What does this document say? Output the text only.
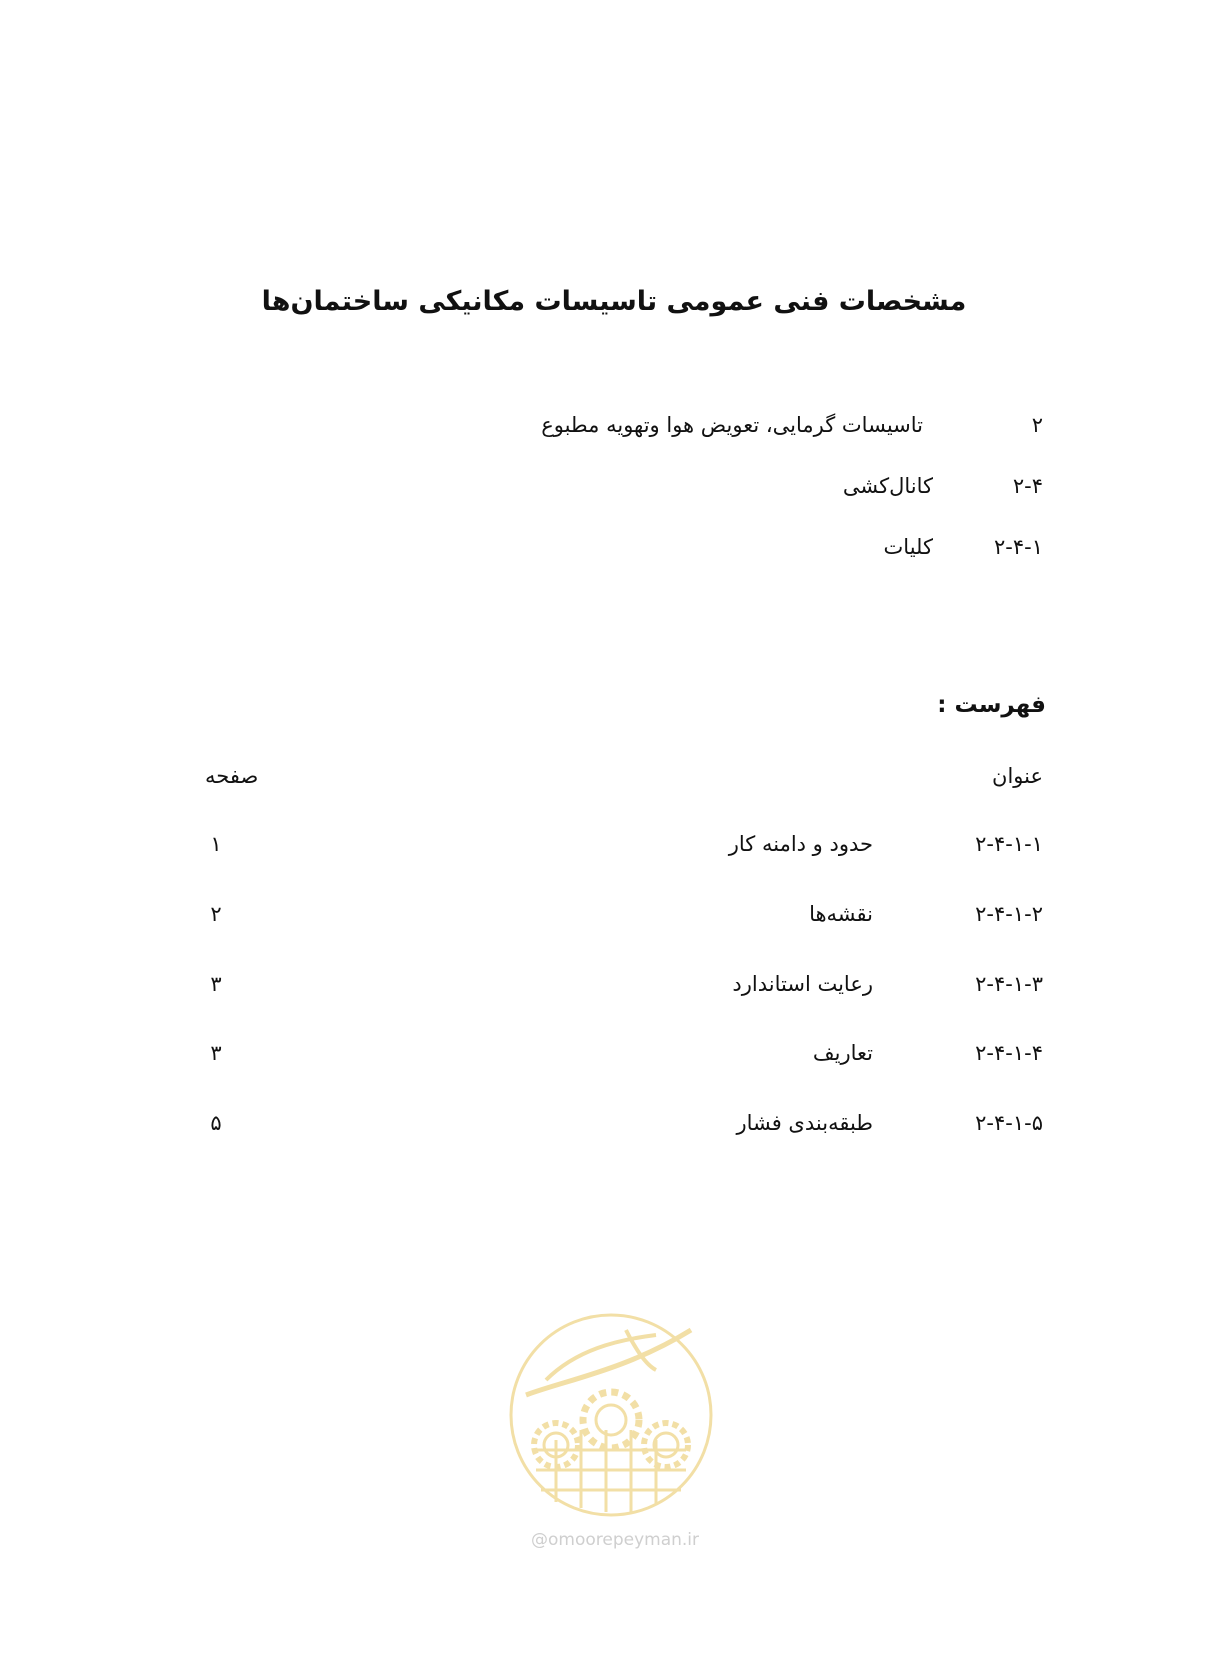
مشخصات فنی عمومی تاسیسات مکانیکی ساختمان‌ها
۲
تاسیسات گرمایی، تعویض هوا وتهویه مطبوع
۲-۴
کانال‌کشی
۲-۴-۱
کلیات
فهرست :
عنوان
صفحه
۲-۴-۱-۱
حدود و دامنه کار
۱
۲-۴-۱-۲
نقشه‌ها
۲
۲-۴-۱-۳
رعایت استاندارد
۳
۲-۴-۱-۴
تعاریف
۳
۲-۴-۱-۵
طبقه‌بندی فشار
۵
@omoorepeyman.ir
